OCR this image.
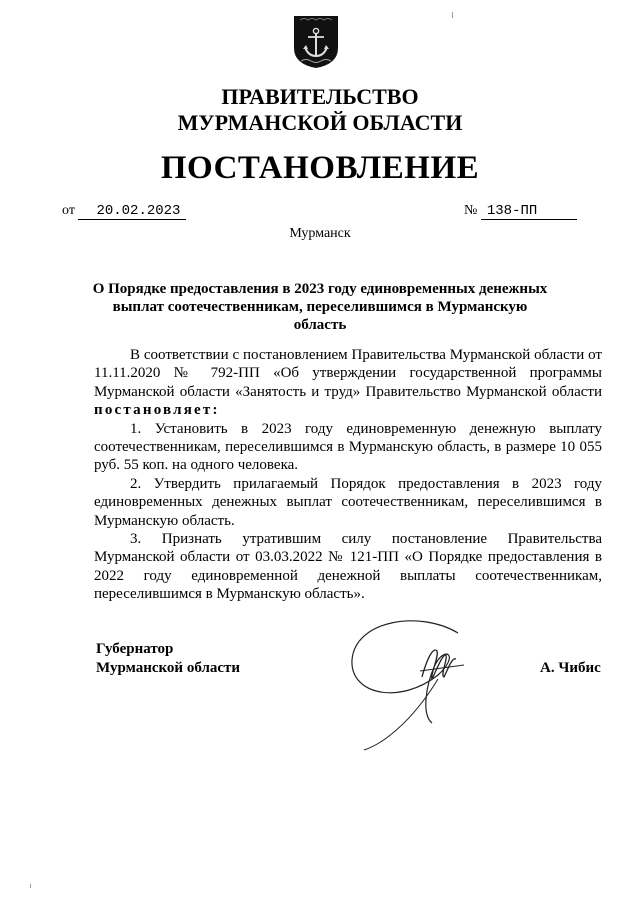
ПРАВИТЕЛЬСТВО
МУРМАНСКОЙ ОБЛАСТИ
ПОСТАНОВЛЕНИЕ
от 20.02.2023	№ 138-ПП
Мурманск
О Порядке предоставления в 2023 году единовременных денежных
выплат соотечественникам, переселившимся в Мурманскую область

В соответствии с постановлением Правительства Мурманской области от 11.11.2020 № 792-ПП «Об утверждении государственной программы Мурманской области «Занятость и труд» Правительство Мурманской области постановляет:

1. Установить в 2023 году единовременную денежную выплату соотечественникам, переселившимся в Мурманскую область, в размере 10 055 руб. 55 коп. на одного человека.

2. Утвердить прилагаемый Порядок предоставления в 2023 году единовременных денежных выплат соотечественникам, переселившимся в Мурманскую область.

3. Признать утратившим силу постановление Правительства Мурманской области от 03.03.2022 № 121-ПП «О Порядке предоставления в 2022 году единовременной денежной выплаты соотечественникам, переселившимся в Мурманскую область».

Губернатор
Мурманской области	А. Чибис
